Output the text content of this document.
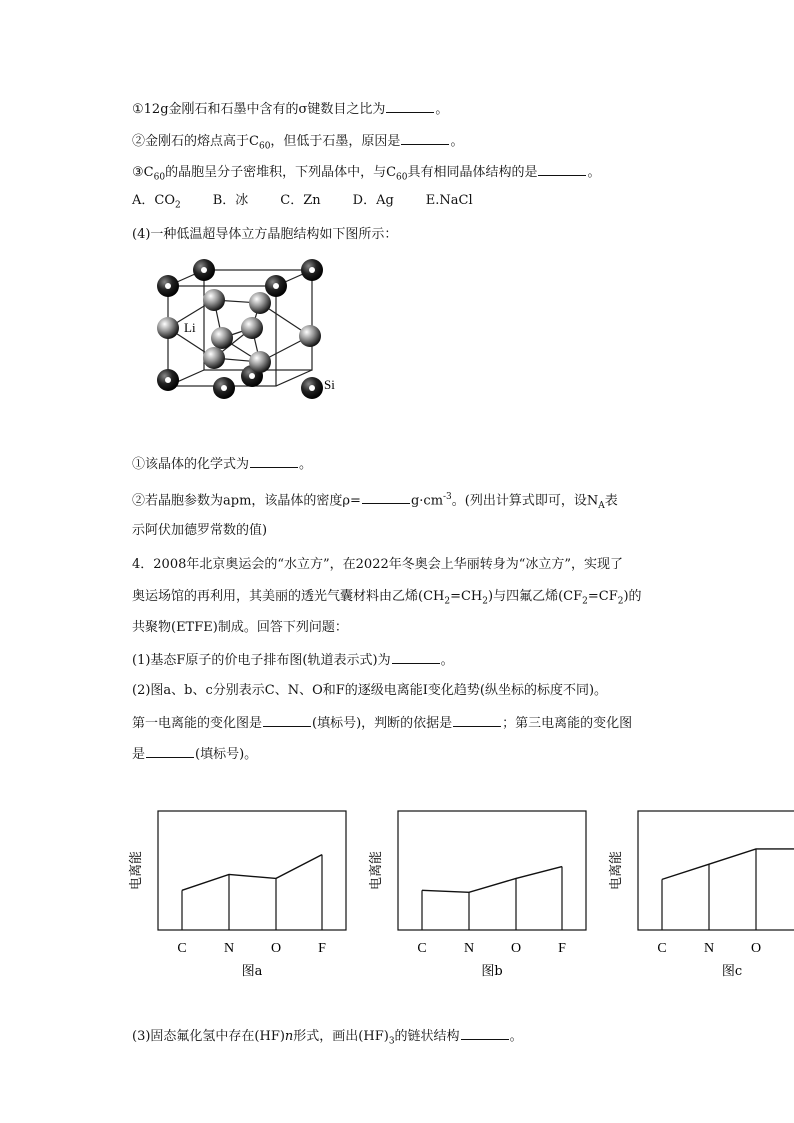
①12g金刚石和石墨中含有的σ键数目之比为	。
②金刚石的熔点高于$C_{60}$，但低于石墨，原因是	。
$③C_{60}$的晶胞呈分子密堆积，下列晶体中，与$C_{60}$具有相同晶体结构的是	。
A．$CO_2$ B．冰 C．Zn D．Ag E.NaCl
(4)一种低温超导体立方晶胞结构如下图所示：
Li
Si
①该晶体的化学式为	。
②若晶胞参数为apm，该晶体的密度ρ=	$g\cdot cm^{-3}$。(列出计算式即可，设$N_A$表
示阿伏加德罗常数的值)
4．2008年北京奥运会的“水立方”，在2022年冬奥会上华丽转身为“冰立方”，实现了
奥运场馆的再利用，其美丽的透光气囊材料由乙烯$(CH_2=CH_2)$与四氟乙烯$(CF_2=CF_2)$的
共聚物(ETFE)制成。回答下列问题：
(1)基态F原子的价电子排布图(轨道表示式)为	。
(2)图a、b、c分别表示C、N、O和F的逐级电离能I变化趋势(纵坐标的标度不同)。
第一电离能的变化图是	(填标号)，判断的依据是	；第三电离能的变化图
是	(填标号)。
电离能
C	N	O	F
图a
电离能
C	N	O	F
图b
电离能
C	N	O
图c
(3)固态氟化氢中存在(HF)n形式，画出$(HF)_3$的链状结构	。
